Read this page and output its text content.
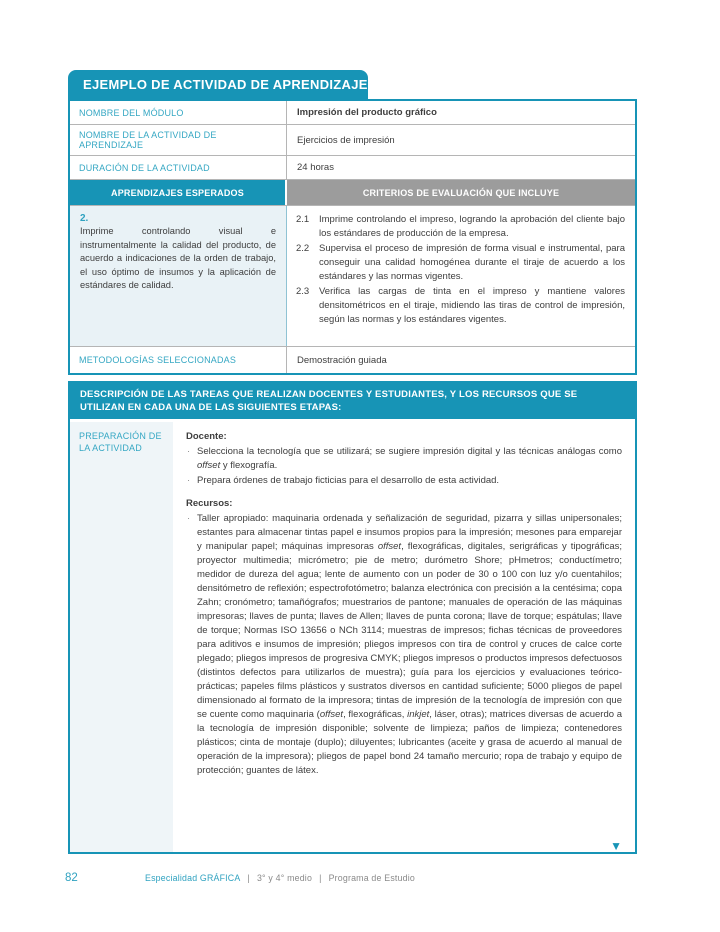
EJEMPLO DE ACTIVIDAD DE APRENDIZAJE
NOMBRE DEL MÓDULO	Impresión del producto gráfico
NOMBRE DE LA ACTIVIDAD DE APRENDIZAJE	Ejercicios de impresión
DURACIÓN DE LA ACTIVIDAD	24 horas
APRENDIZAJES ESPERADOS	CRITERIOS DE EVALUACIÓN QUE INCLUYE
2.
Imprime controlando visual e instrumentalmente la calidad del producto, de acuerdo a indicaciones de la orden de trabajo, el uso óptimo de insumos y la aplicación de estándares de calidad.
2.1	Imprime controlando el impreso, logrando la aprobación del cliente bajo los estándares de producción de la empresa.
2.2	Supervisa el proceso de impresión de forma visual e instrumental, para conseguir una calidad homogénea durante el tiraje de acuerdo a los estándares y las normas vigentes.
2.3	Verifica las cargas de tinta en el impreso y mantiene valores densitométricos en el tiraje, midiendo las tiras de control de impresión, según las normas y los estándares vigentes.
METODOLOGÍAS SELECCIONADAS	Demostración guiada
DESCRIPCIÓN DE LAS TAREAS QUE REALIZAN DOCENTES Y ESTUDIANTES, Y LOS RECURSOS QUE SE UTILIZAN EN CADA UNA DE LAS SIGUIENTES ETAPAS:
PREPARACIÓN DE LA ACTIVIDAD
Docente:
· Selecciona la tecnología que se utilizará; se sugiere impresión digital y las técnicas análogas como offset y flexografía.
· Prepara órdenes de trabajo ficticias para el desarrollo de esta actividad.
Recursos:
· Taller apropiado: maquinaria ordenada y señalización de seguridad, pizarra y sillas unipersonales; estantes para almacenar tintas papel e insumos propios para la impresión; mesones para emparejar y manipular papel; máquinas impresoras offset, flexográficas, digitales, serigráficas y tipográficas; proyector multimedia; micrómetro; pie de metro; durómetro Shore; pHmetros; conductímetro; medidor de dureza del agua; lente de aumento con un poder de 30 o 100 con luz y/o cuentahilos; densitómetro de reflexión; espectrofotómetro; balanza electrónica con precisión a la centésima; copa Zahn; cronómetro; tamañógrafos; muestrarios de pantone; manuales de operación de las máquinas impresoras; llaves de punta; llaves de Allen; llaves de punta corona; llave de torque; espátulas; llave de torque; Normas ISO 13656 o NCh 3114; muestras de impresos; fichas técnicas de proveedores para aditivos e insumos de impresión; pliegos impresos con tira de control y cruces de calce corte plegado; pliegos impresos de progresiva CMYK; pliegos impresos o productos impresos defectuosos (distintos defectos para utilizarlos de muestra); guía para los ejercicios y evaluaciones teórico-prácticas; papeles films plásticos y sustratos diversos en cantidad suficiente; 5000 pliegos de papel dimensionado al formato de la impresora; tintas de impresión de la tecnología de impresión con que se cuente como maquinaria (offset, flexográficas, inkjet, láser, otras); matrices diversas de acuerdo a la tecnología de impresión disponible; solvente de limpieza; paños de limpieza; contenedores plásticos; cinta de montaje (duplo); diluyentes; lubricantes (aceite y grasa de acuerdo al manual de operación de la impresora); pliegos de papel bond 24 tamaño mercurio; ropa de trabajo y equipo de protección; guantes de látex.
▼
82	Especialidad GRÁFICA | 3° y 4° medio | Programa de Estudio
